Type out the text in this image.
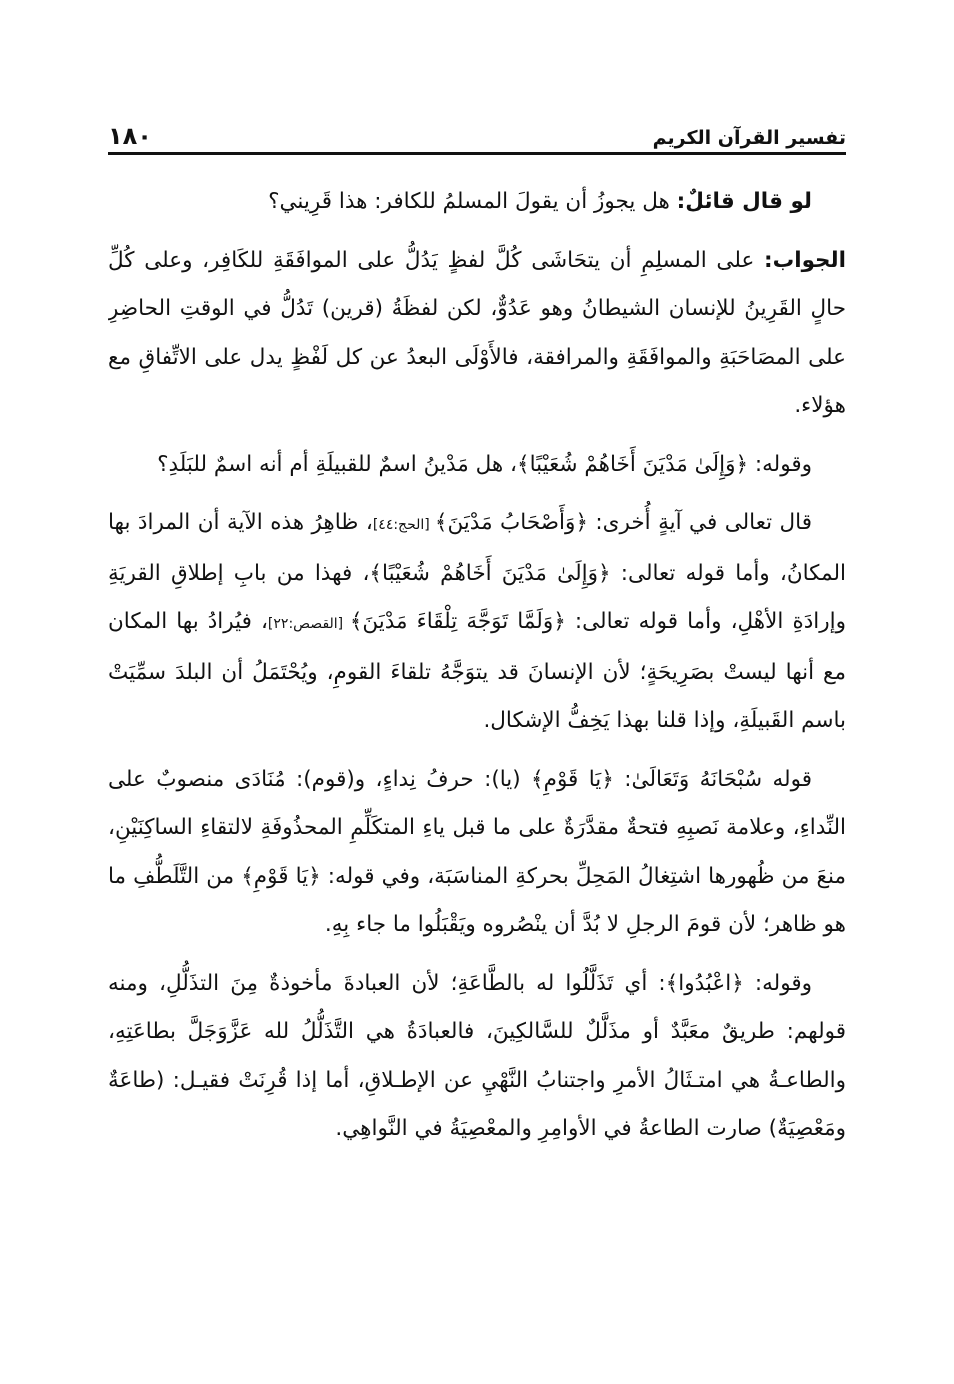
تفسير القرآن الكريم
١٨٠

لو قال قائلٌ: هل يجوزُ أن يقولَ المسلمُ للكافر: هذا قَرِيني؟

الجواب: على المسلِمِ أن يتحَاشَى كُلَّ لفظٍ يَدُلُّ على الموافَقَةِ للكَافِر، وعلى كُلِّ حالٍ القَرِينُ للإنسان الشيطانُ وهو عَدُوٌّ، لكن لفظَةُ (قرين) تَدُلُّ في الوقتِ الحاضِرِ على المصَاحَبَةِ والموافَقَةِ والمرافقة، فالأَوْلَى البعدُ عن كل لَفْظٍ يدل على الاتِّفاقِ مع هؤلاء.

وقوله: ﴿وَإِلَىٰ مَدْيَنَ أَخَاهُمْ شُعَيْبًا﴾، هل مَدْينُ اسمٌ للقبيلَةِ أم أنه اسمٌ للبَلَدِ؟

قال تعالى في آيةٍ أُخرى: ﴿وَأَصْحَابُ مَدْيَنَ﴾ [الحج:٤٤]، ظاهِرُ هذه الآية أن المرادَ بها المكانُ، وأما قوله تعالى: ﴿وَإِلَىٰ مَدْيَنَ أَخَاهُمْ شُعَيْبًا﴾، فهذا من بابِ إطلاقِ القريَةِ وإرادَةِ الأهْلِ، وأما قوله تعالى: ﴿وَلَمَّا تَوَجَّهَ تِلْقَاءَ مَدْيَنَ﴾ [القصص:٢٢]، فيُرادُ بها المكان مع أنها ليستْ بصَرِيحَةٍ؛ لأن الإنسانَ قد يتوَجَّهُ تلقاءَ القومِ، ويُحْتَمَلُ أن البلدَ سمِّيَتْ باسم القَبيلَةِ، وإذا قلنا بهذا يَخِفُّ الإشكال.

قوله سُبْحَانَهُ وَتَعَالَىٰ: ﴿يَا قَوْمِ﴾ (يا): حرفُ نِداءٍ، و(قوم): مُنَادَى منصوبٌ على النِّداءِ، وعلامة نَصبِهِ فتحةٌ مقدَّرَةٌ على ما قبل ياءِ المتكَلِّمِ المحذُوفَةِ لالتقاءِ الساكِنَيْنِ، منعَ من ظُهورها اشتِغالُ المَحِلِّ بحركةِ المناسَبَة، وفي قوله: ﴿يَا قَوْمِ﴾ من التَّلَطُّفِ ما هو ظاهر؛ لأن قومَ الرجلِ لا بُدَّ أن ينْصُروه ويَقْبَلُوا ما جاء بِهِ.

وقوله: ﴿اعْبُدُوا﴾: أي تَذَلَّلُوا له بالطَّاعَةِ؛ لأن العبادةَ مأخوذةٌ مِنَ التذَلُّلِ، ومنه قولهم: طريقٌ معَبَّدٌ أو مذَلَّلٌ للسَّالكِينَ، فالعبادَةُ هي التَّذَلُّلُ لله عَزَّوَجَلَّ بطاعَتِهِ، والطاعـةُ هي امتـثَالُ الأمرِ واجتنابُ النَّهْيِ عن الإطـلاقِ، أما إذا قُرِنَتْ فقيـل: (طاعَةٌ ومَعْصِيَةٌ) صارت الطاعةُ في الأوامِرِ والمعْصِيَةُ في النَّواهِي.
